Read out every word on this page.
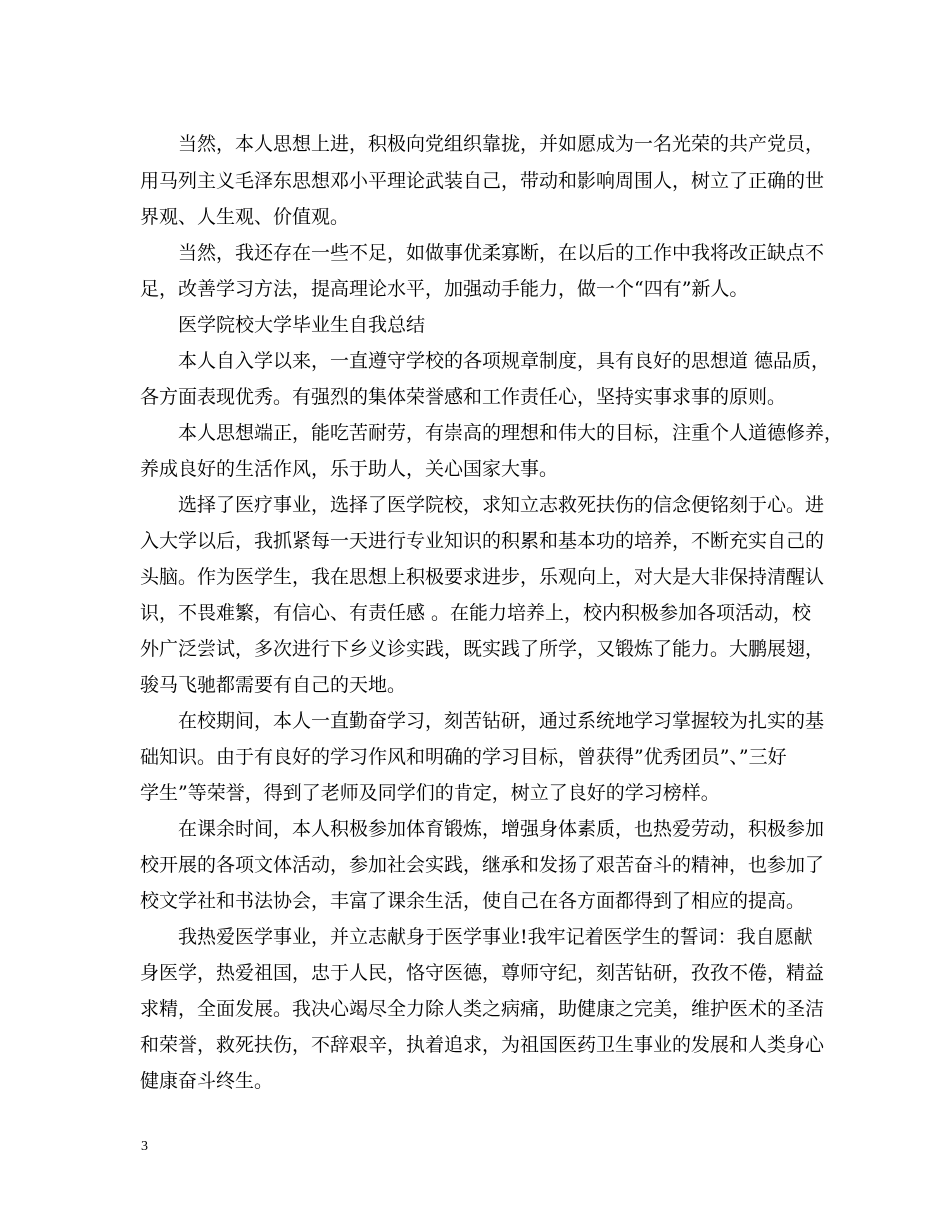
　　当然，本人思想上进，积极向党组织靠拢，并如愿成为一名光荣的共产党员，
用马列主义毛泽东思想邓小平理论武装自己，带动和影响周围人，树立了正确的世
界观、人生观、价值观。
　　当然，我还存在一些不足，如做事优柔寡断，在以后的工作中我将改正缺点不
足，改善学习方法，提高理论水平，加强动手能力，做一个“四有”新人。
　　医学院校大学毕业生自我总结
　　本人自入学以来，一直遵守学校的各项规章制度，具有良好的思想道 德品质，
各方面表现优秀。有强烈的集体荣誉感和工作责任心，坚持实事求事的原则。
　　本人思想端正，能吃苦耐劳，有崇高的理想和伟大的目标，注重个人道德修养，
养成良好的生活作风，乐于助人，关心国家大事。
　　选择了医疗事业，选择了医学院校，求知立志救死扶伤的信念便铭刻于心。进
入大学以后，我抓紧每一天进行专业知识的积累和基本功的培养，不断充实自己的
头脑。作为医学生，我在思想上积极要求进步，乐观向上，对大是大非保持清醒认
识，不畏难繁，有信心、有责任感 。在能力培养上，校内积极参加各项活动，校
外广泛尝试，多次进行下乡义诊实践，既实践了所学，又锻炼了能力。大鹏展翅，
骏马飞驰都需要有自己的天地。
　　在校期间，本人一直勤奋学习，刻苦钻研，通过系统地学习掌握较为扎实的基
础知识。由于有良好的学习作风和明确的学习目标，曾获得”优秀团员”、”三好
学生”等荣誉，得到了老师及同学们的肯定，树立了良好的学习榜样。
　　在课余时间，本人积极参加体育锻炼，增强身体素质，也热爱劳动，积极参加
校开展的各项文体活动，参加社会实践，继承和发扬了艰苦奋斗的精神，也参加了
校文学社和书法协会，丰富了课余生活，使自己在各方面都得到了相应的提高。
　　我热爱医学事业，并立志献身于医学事业!我牢记着医学生的誓词：我自愿献
身医学，热爱祖国，忠于人民，恪守医德，尊师守纪，刻苦钻研，孜孜不倦，精益
求精，全面发展。我决心竭尽全力除人类之病痛，助健康之完美，维护医术的圣洁
和荣誉，救死扶伤，不辞艰辛，执着追求，为祖国医药卫生事业的发展和人类身心
健康奋斗终生。
3
